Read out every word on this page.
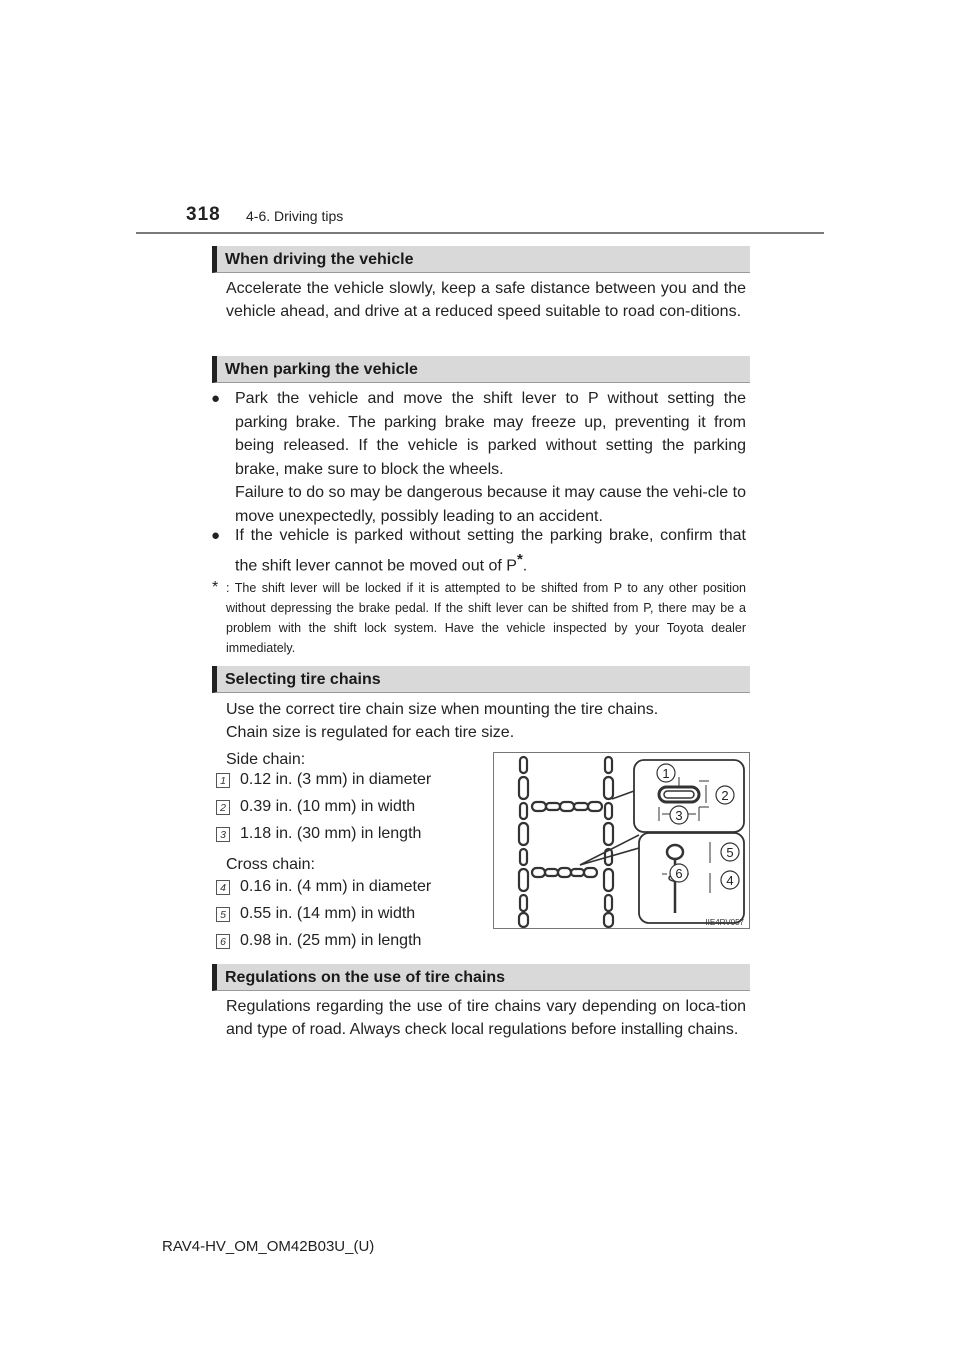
318 4-6. Driving tips
When driving the vehicle
Accelerate the vehicle slowly, keep a safe distance between you and the vehicle ahead, and drive at a reduced speed suitable to road con-ditions.
When parking the vehicle
● Park the vehicle and move the shift lever to P without setting the parking brake. The parking brake may freeze up, preventing it from being released. If the vehicle is parked without setting the parking brake, make sure to block the wheels.
Failure to do so may be dangerous because it may cause the vehi-cle to move unexpectedly, possibly leading to an accident.
● If the vehicle is parked without setting the parking brake, confirm that the shift lever cannot be moved out of P*.
* : The shift lever will be locked if it is attempted to be shifted from P to any other position without depressing the brake pedal. If the shift lever can be shifted from P, there may be a problem with the shift lock system. Have the vehicle inspected by your Toyota dealer immediately.
Selecting tire chains
Use the correct tire chain size when mounting the tire chains.
Chain size is regulated for each tire size.
Side chain:
1 0.12 in. (3 mm) in diameter
2 0.39 in. (10 mm) in width
3 1.18 in. (30 mm) in length
Cross chain:
4 0.16 in. (4 mm) in diameter
5 0.55 in. (14 mm) in width
6 0.98 in. (25 mm) in length
1
2
3
4
5
6
IIE4RV057
Regulations on the use of tire chains
Regulations regarding the use of tire chains vary depending on loca-tion and type of road. Always check local regulations before installing chains.
RAV4-HV_OM_OM42B03U_(U)
